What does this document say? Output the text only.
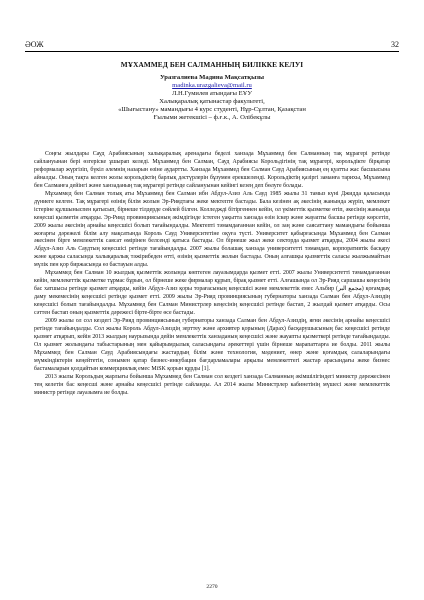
ӘОЖ	32
МҰХАММЕД БЕН САЛМАННЫҢ БИЛІККЕ КЕЛУІ
Уразгалиева Мадина Мақсатқызы
madinka.urazgalieva@mail.ru
Л.Н.Гумилев атындағы ЕҰУ
Халықаралық қатынастар факультеті,
«Шығыстану» мамандығы 4 курс студенті, Нұр-Сұлтан, Қазақстан
Ғылыми жетекшісі – ф.ғ.к., А. Олібекұлы

Соңғы жылдары Сауд Арабиясының халықаралық аренадағы беделі ханзада Мұхаммед бен Салманның тақ мұрагері ретінде сайлануынан бері өзгеріске ұшырап келеді. Мұхаммед бен Салман, Сауд Арабиясы Корольдігінің тақ мұрагері, корольдікте бірқатар реформалар жүргізіп, бүкіл әлемнің назарын өзіне аудартты. Ханзада Мұхаммед бен Салман Сауд Арабиясының ең қуатты жас басшысына айналды. Оның тақта келген жолы корольдіктің барлық дәстүрлерін бұзумен ерекшеленді. Корольдіктің қазіргі заманға тарихы, Мұхаммед бен Салманға дейінгі және ханзаданың тақ мұрагері ретінде сайлануынан кейінгі кезең деп бөлуге болады.

Мұхаммед бен Салман толық аты Мұхаммед бен Салман ибн Абдул-Азиз Аль Сауд 1985 жылы 31 тамыз күні Джидда қаласында дүниеге келген. Тақ мұрагері өзінің білім жолын Эр-Риядтағы жеке мектепте бастады. Бала кезінен ақ әкесінің жанында жүріп, мемлекет істеріне құлшыныспен қатысып, бірнеше тілдерде сөйлей білген. Колледжді бітіргеннен кейін, ол үкіметтік қызметке өтіп, әкесінің жанында кеңесші қызметін атқарды. Эр-Рияд провинциясының әкімдігінде істеген уақытта ханзада өзін іскер және жауапты басшы ретінде көрсетіп, 2009 жылы әкесінің арнайы кеңесшісі болып тағайындалды. Мектепті тәмамдағаннан кейін, ол заң және саясаттану мамандығы бойынша жоғарғы дәрежелі білім алу мақсатында Король Сауд Университетіне оқуға түсті. Университет қабырғасында Мұхаммед бен Салман әкесінен бірге мемлекеттік саясат өмірінен белсенді қатыса бастады. Ол бірнеше жыл жеке секторда қызмет атқарды, 2004 жылы әкесі Абдул-Азиз Аль Саудтың кеңесшісі ретінде тағайындалды. 2007 жылы болашақ ханзада университетті тәмамдап, корпоративтік басқару және қаржы саласында халықаралық тәжірибеден өтті, өзінің қызметтік жолын бастады. Оның алғашқы қызметтік саласы жылжымайтын мүлік пен қор биржасында өз бастауын алды.

Мұхаммед бен Салман 10 жылдық қызметтік жолында көптеген лауазымдарда қызмет етті. 2007 жылы Университетті тәмамдағаннан кейін, мемлекеттік қызметке тұрмас бұрын, ол бірнеше жеке фирмалар құрып, бірақ қызмет етті. Алғашында ол Эр-Рияд саршашы кеңесінің бас хатшысы ретінде қызмет атқарды, кейін Абдул-Азиз қоры торағасының кеңесшісі және мемлекеттік емес Альбир (مجمع البر) қоғамдық даму мекемесінің кеңесшісі ретінде қызмет етті. 2009 жылы Эр-Рияд провинциясының губернаторы ханзада Салман бен Абдул-Азиздің кеңесшісі болып тағайындалды. Мұхаммед бен Салман Министрлер кеңесінің кеңесшісі ретінде бастап, 2 жылдай қызмет атқарды. Осы сәттен бастап оның қызметтік дәрежесі бірте-бірте өсе бастады.

2009 жылы ол сол кездегі Эр-Рияд провинциясының губернаторы ханзада Салман бен Абдул-Азиздің, яғни әкесінің арнайы кеңесшісі ретінде тағайындалды. Сол жылы Король Абдул-Азиздің зерттеу және архивтер қорының (Дарах) басқарушысының бас кеңесшісі ретінде қызмет атқарып, кейін 2013 жылдың наурызында дейін мемлекеттік ханзаданың кеңесшісі және жауапты қызметкері ретінде тағайындалды. Ол қызмет жолындағы табыстарының мен қайырымдылық саласындағы әрекеттері үшін бірнеше марапаттарға ие болды. 2011 жылы Мұхаммед бен Салман Сауд Арабиясындағы жастардың білім және технология, мәдениет, өнер және қоғамдық салаларындағы мүмкіндіктерін кеңейтетін, сонымен қатар бизнес-инкубация бағдарламалары арқылы мемлекеттегі жастар арасындағы жеке бизнес бастамаларын қолдайтын коммерциялық емес MiSK қорын құрды [1].

2013 жылы Корольдың жарлығы бойынша Мұхаммед бен Салман сол кездегі ханзада Салманның әкімшілігіндегі министр дәрежесінен тең келетін бас кеңесші және арнайы кеңесшісі ретінде сайланды. Ал 2014 жылы Министрлер кабинетінің мүшесі және мемлекеттік министр ретінде лауазымға ие болды.

2270
